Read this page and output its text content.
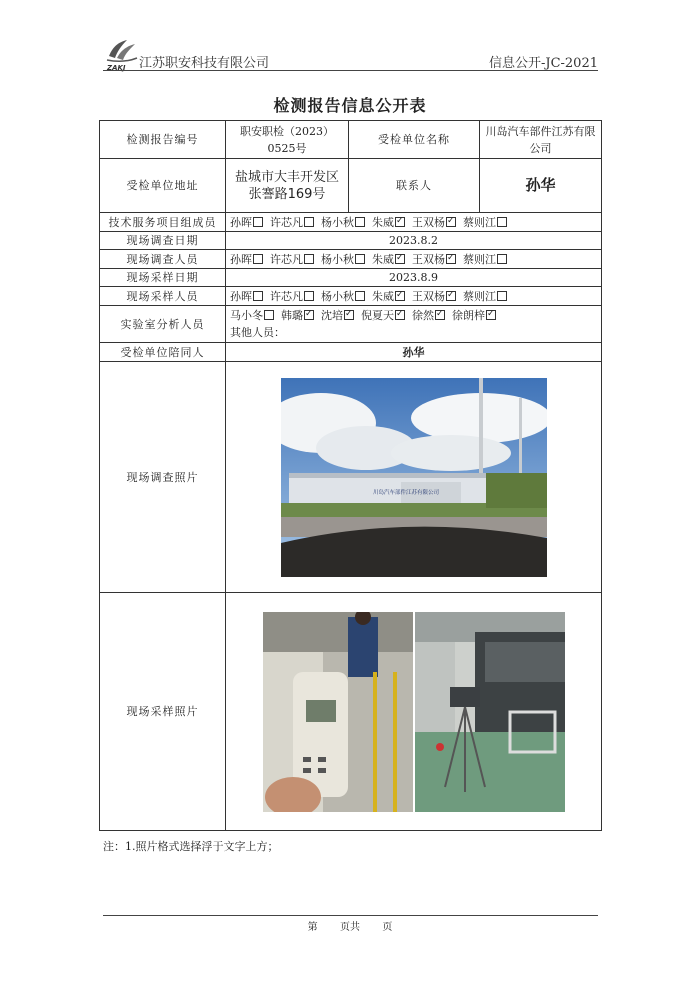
ZAKJ 江苏职安科技有限公司	信息公开-JC-2021
检测报告信息公开表
检测报告编号	职安职检（2023）0525号	受检单位名称	川岛汽车部件江苏有限公司
受检单位地址	盐城市大丰开发区张謇路169号	联系人	孙华
技术服务项目组成员	孙晖 许芯凡 杨小秋 朱威 ✓ 王双杨 ✓ 蔡则江
现场调查日期	2023.8.2		
现场调查人员	孙晖 许芯凡 杨小秋 朱威 ✓ 王双杨 ✓ 蔡则江
现场采样日期	2023.8.9		
现场采样人员	孙晖 许芯凡 杨小秋 朱威 ✓ 王双杨 ✓ 蔡则江
实验室分析人员	马小冬 韩璐 ✓ 沈培 ✓ 倪夏天 ✓ 徐然 ✓ 徐朗梓✓
其他人员：

受检单位陪同人	孙华		
现场调查照片	川岛汽车部件江苏有限公司		

现场采样照片	
注：1.照片格式选择浮于文字上方；
第 页共 页
